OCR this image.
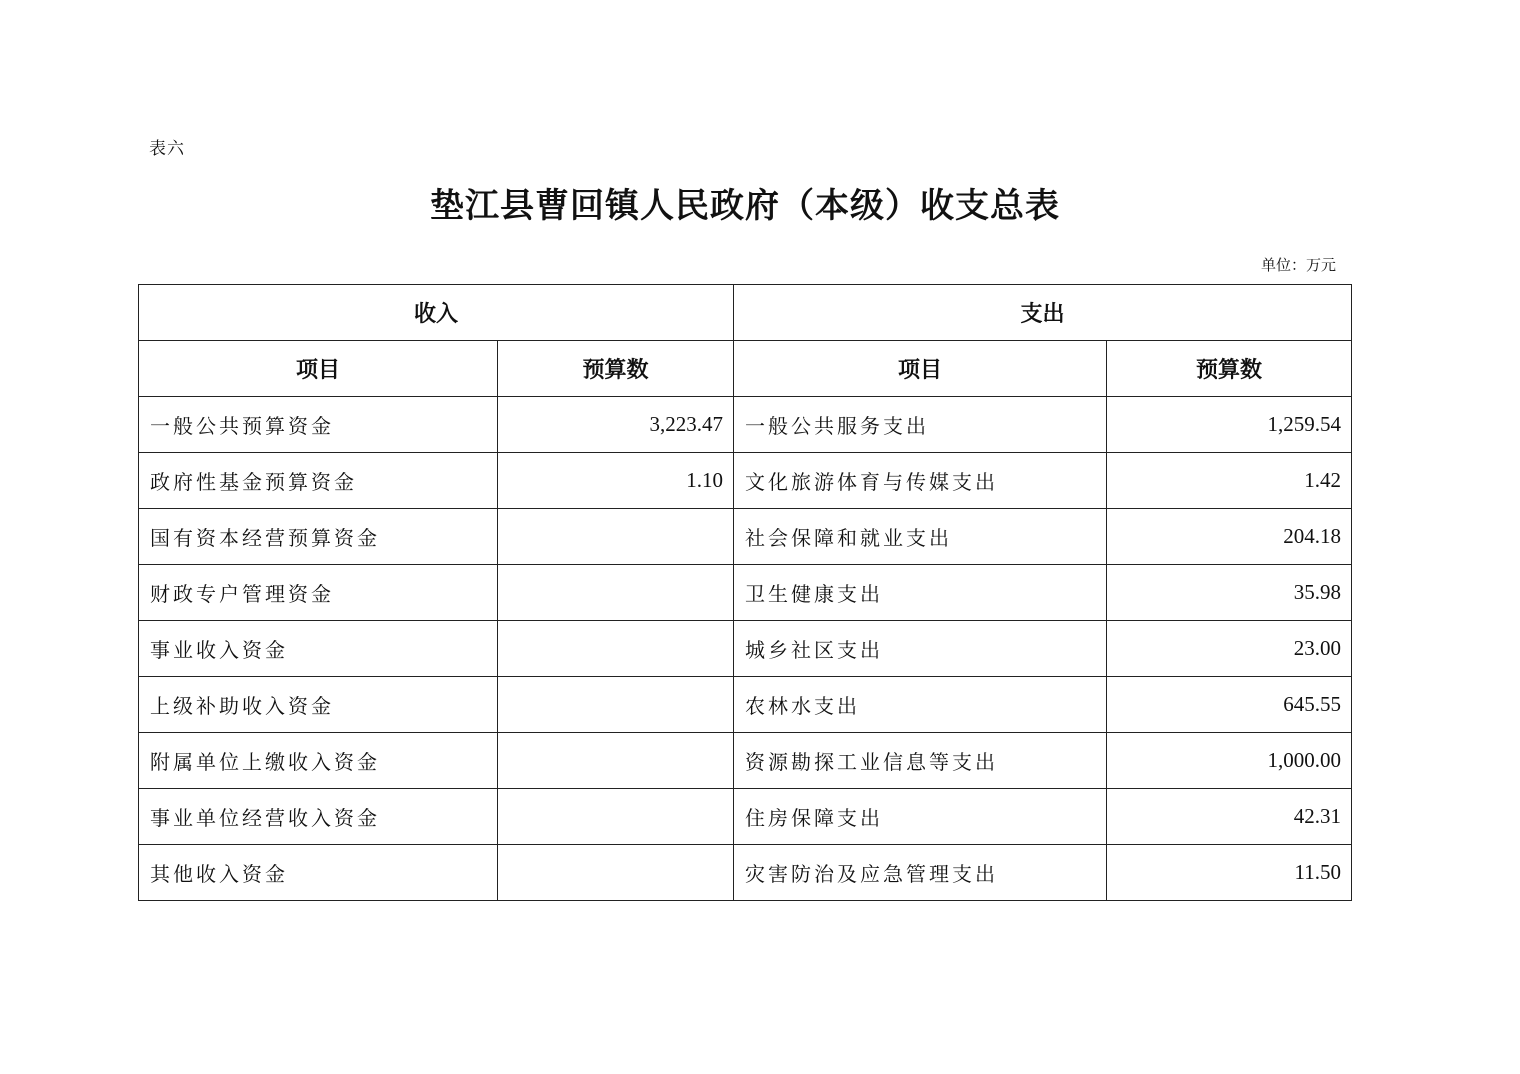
表六
垫江县曹回镇人民政府（本级）收支总表
单位：万元
收入		支出	
项目	预算数	项目	预算数
一般公共预算资金	3,223.47	一般公共服务支出	1,259.54
政府性基金预算资金	1.10	文化旅游体育与传媒支出	1.42
国有资本经营预算资金		社会保障和就业支出	204.18
财政专户管理资金		卫生健康支出	35.98
事业收入资金		城乡社区支出	23.00
上级补助收入资金		农林水支出	645.55
附属单位上缴收入资金		资源勘探工业信息等支出	1,000.00
事业单位经营收入资金		住房保障支出	42.31
其他收入资金		灾害防治及应急管理支出	11.50
